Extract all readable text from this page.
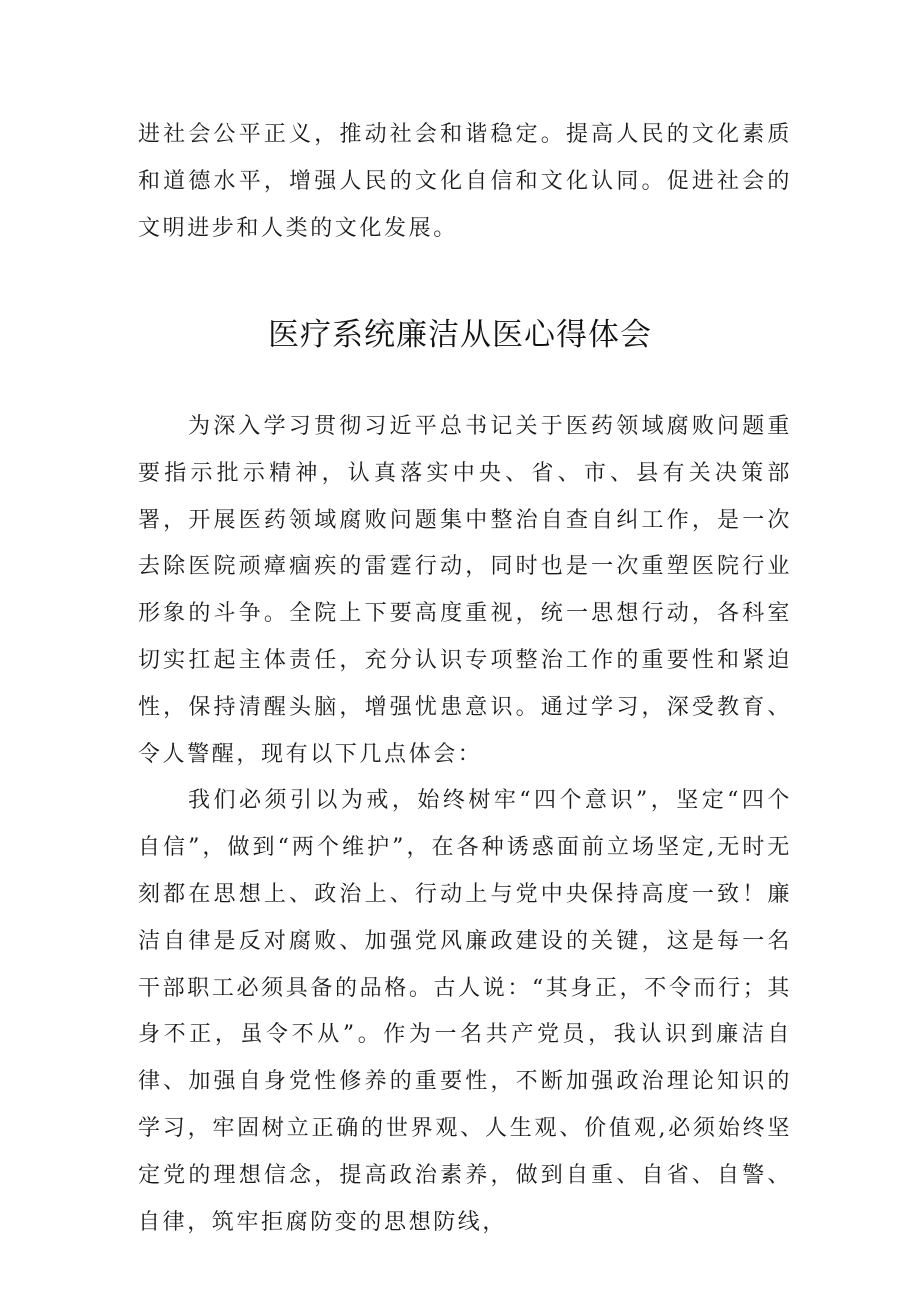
进社会公平正义，推动社会和谐稳定。提高人民的文化素质和道德水平，增强人民的文化自信和文化认同。促进社会的文明进步和人类的文化发展。

医疗系统廉洁从医心得体会

为深入学习贯彻习近平总书记关于医药领域腐败问题重要指示批示精神，认真落实中央、省、市、县有关决策部署，开展医药领域腐败问题集中整治自查自纠工作，是一次去除医院顽瘴痼疾的雷霆行动，同时也是一次重塑医院行业形象的斗争。全院上下要高度重视，统一思想行动，各科室切实扛起主体责任，充分认识专项整治工作的重要性和紧迫性，保持清醒头脑，增强忧患意识。通过学习，深受教育、令人警醒，现有以下几点体会：

我们必须引以为戒，始终树牢“四个意识”，坚定“四个自信”，做到“两个维护”，在各种诱惑面前立场坚定,无时无刻都在思想上、政治上、行动上与党中央保持高度一致！廉洁自律是反对腐败、加强党风廉政建设的关键，这是每一名干部职工必须具备的品格。古人说：“其身正，不令而行；其身不正，虽令不从”。作为一名共产党员，我认识到廉洁自律、加强自身党性修养的重要性，不断加强政治理论知识的学习，牢固树立正确的世界观、人生观、价值观,必须始终坚定党的理想信念，提高政治素养，做到自重、自省、自警、自律，筑牢拒腐防变的思想防线，
